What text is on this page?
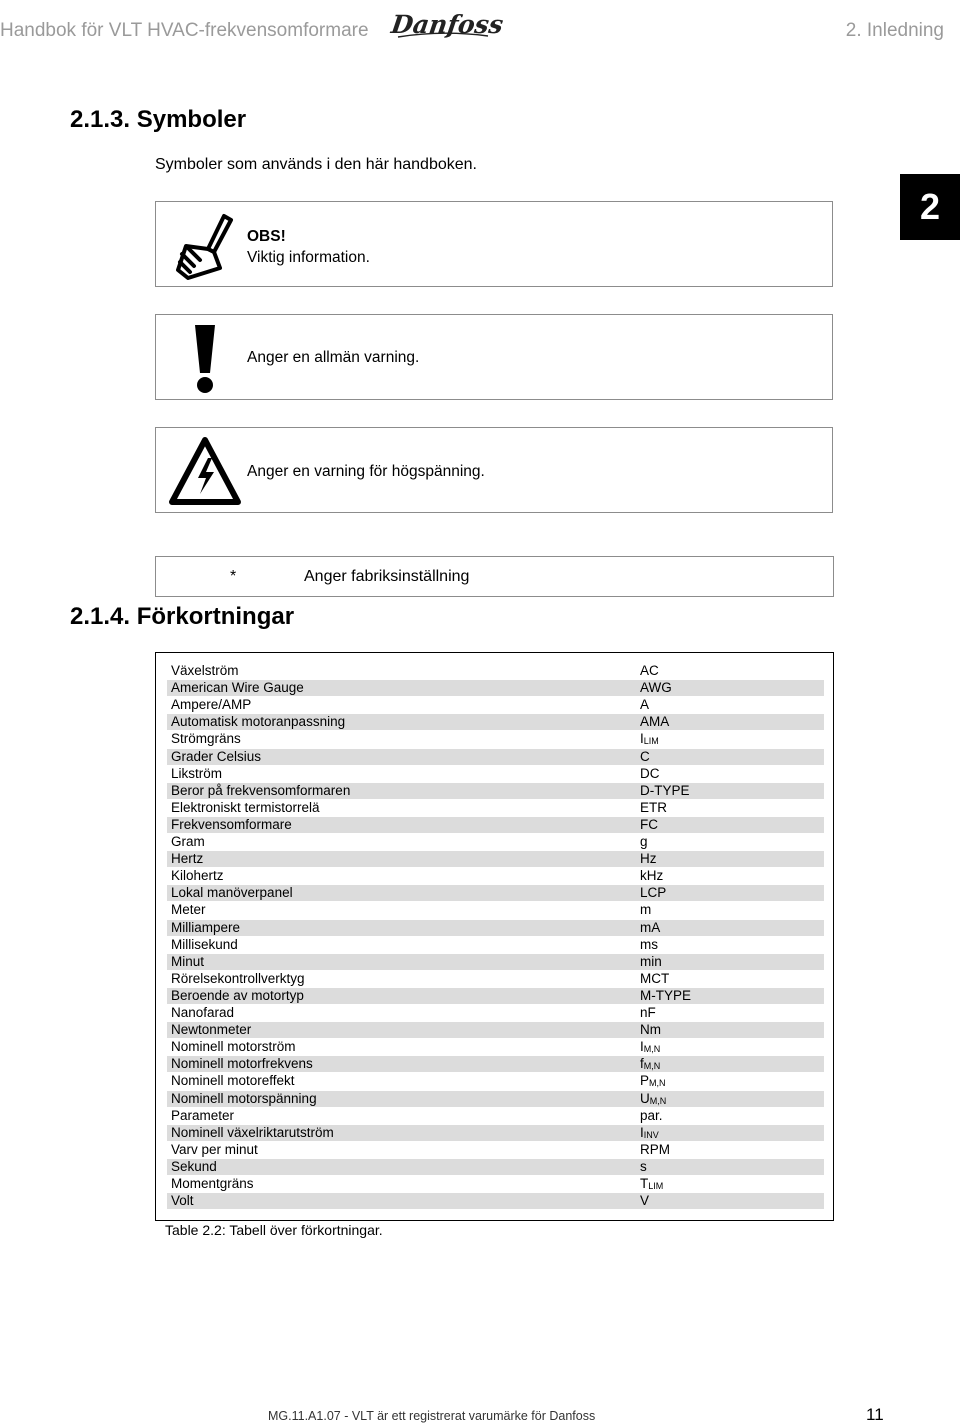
Handbok för VLT HVAC-frekvensomformare Danfoss	2. Inledning
2
2.1.3. Symboler
Symboler som används i den här handboken.
OBS!
Viktig information.
Anger en allmän varning.
Anger en varning för högspänning.
*	Anger fabriksinställning
2.1.4. Förkortningar
Växelström	AC
American Wire Gauge	AWG
Ampere/AMP	A
Automatisk motoranpassning	AMA
Strömgräns	$I_{LIM}$
Grader Celsius	C
Likström	DC
Beror på frekvensomformaren	D-TYPE
Elektroniskt termistorrelä	ETR
Frekvensomformare	FC
Gram	g
Hertz	Hz
Kilohertz	kHz
Lokal manöverpanel	LCP
Meter	m
Milliampere	mA
Millisekund	ms
Minut	min
Rörelsekontrollverktyg	MCT
Beroende av motortyp	M-TYPE
Nanofarad	nF
Newtonmeter	Nm
Nominell motorström	$I_{M,N}$
Nominell motorfrekvens	$f_{M,N}$
Nominell motoreffekt	$P_{M,N}$
Nominell motorspänning	$U_{M,N}$
Parameter	par.
Nominell växelriktarutström	$I_{INV}$
Varv per minut	RPM
Sekund	s
Momentgräns	$T_{LIM}$
Volt	V
Table 2.2: Tabell över förkortningar.
MG.11.A1.07 - VLT är ett registrerat varumärke för Danfoss	11
